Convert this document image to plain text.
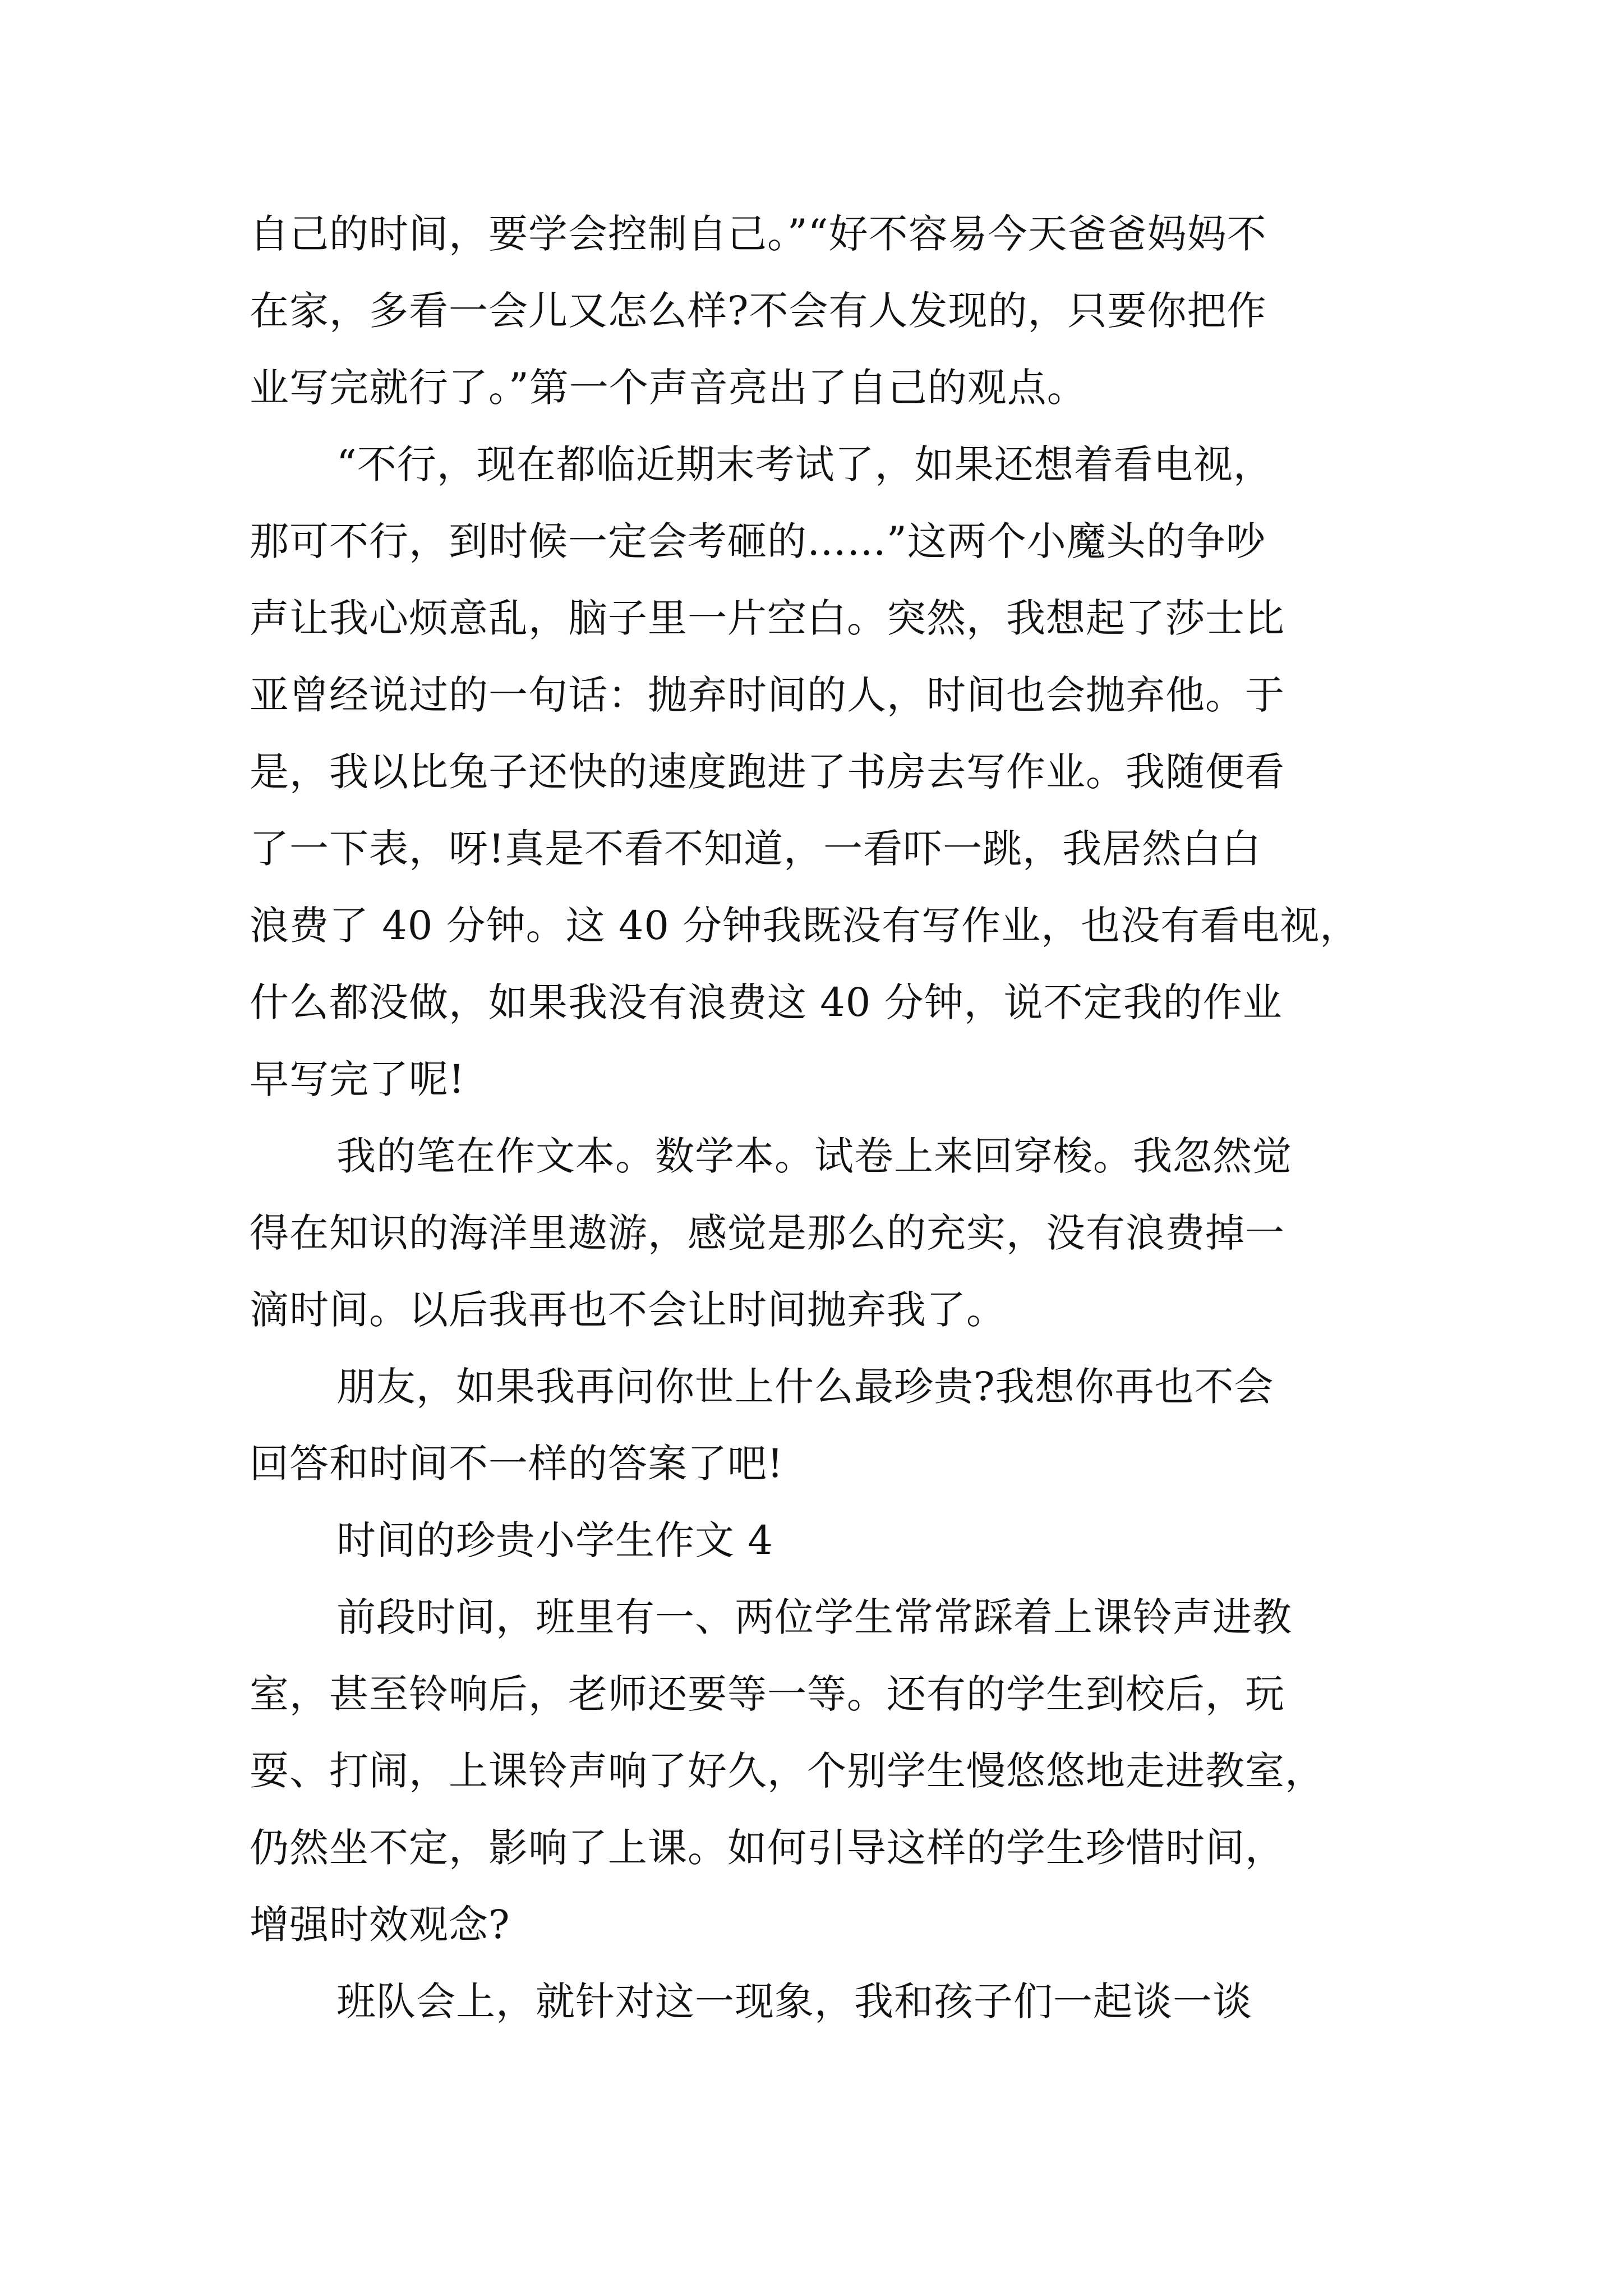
自己的时间，要学会控制自己。”“好不容易今天爸爸妈妈不
在家，多看一会儿又怎么样?不会有人发现的，只要你把作
业写完就行了。”第一个声音亮出了自己的观点。
“不行，现在都临近期末考试了，如果还想着看电视，
那可不行，到时候一定会考砸的……”这两个小魔头的争吵
声让我心烦意乱，脑子里一片空白。突然，我想起了莎士比
亚曾经说过的一句话：抛弃时间的人，时间也会抛弃他。于
是，我以比兔子还快的速度跑进了书房去写作业。我随便看
了一下表，呀!真是不看不知道，一看吓一跳，我居然白白
浪费了 40 分钟。这 40 分钟我既没有写作业，也没有看电视，
什么都没做，如果我没有浪费这 40 分钟，说不定我的作业
早写完了呢!
我的笔在作文本。数学本。试卷上来回穿梭。我忽然觉
得在知识的海洋里遨游，感觉是那么的充实，没有浪费掉一
滴时间。以后我再也不会让时间抛弃我了。
朋友，如果我再问你世上什么最珍贵?我想你再也不会
回答和时间不一样的答案了吧!
时间的珍贵小学生作文 4
前段时间，班里有一、两位学生常常踩着上课铃声进教
室，甚至铃响后，老师还要等一等。还有的学生到校后，玩
耍、打闹，上课铃声响了好久，个别学生慢悠悠地走进教室，
仍然坐不定，影响了上课。如何引导这样的学生珍惜时间，
增强时效观念?
班队会上，就针对这一现象，我和孩子们一起谈一谈
